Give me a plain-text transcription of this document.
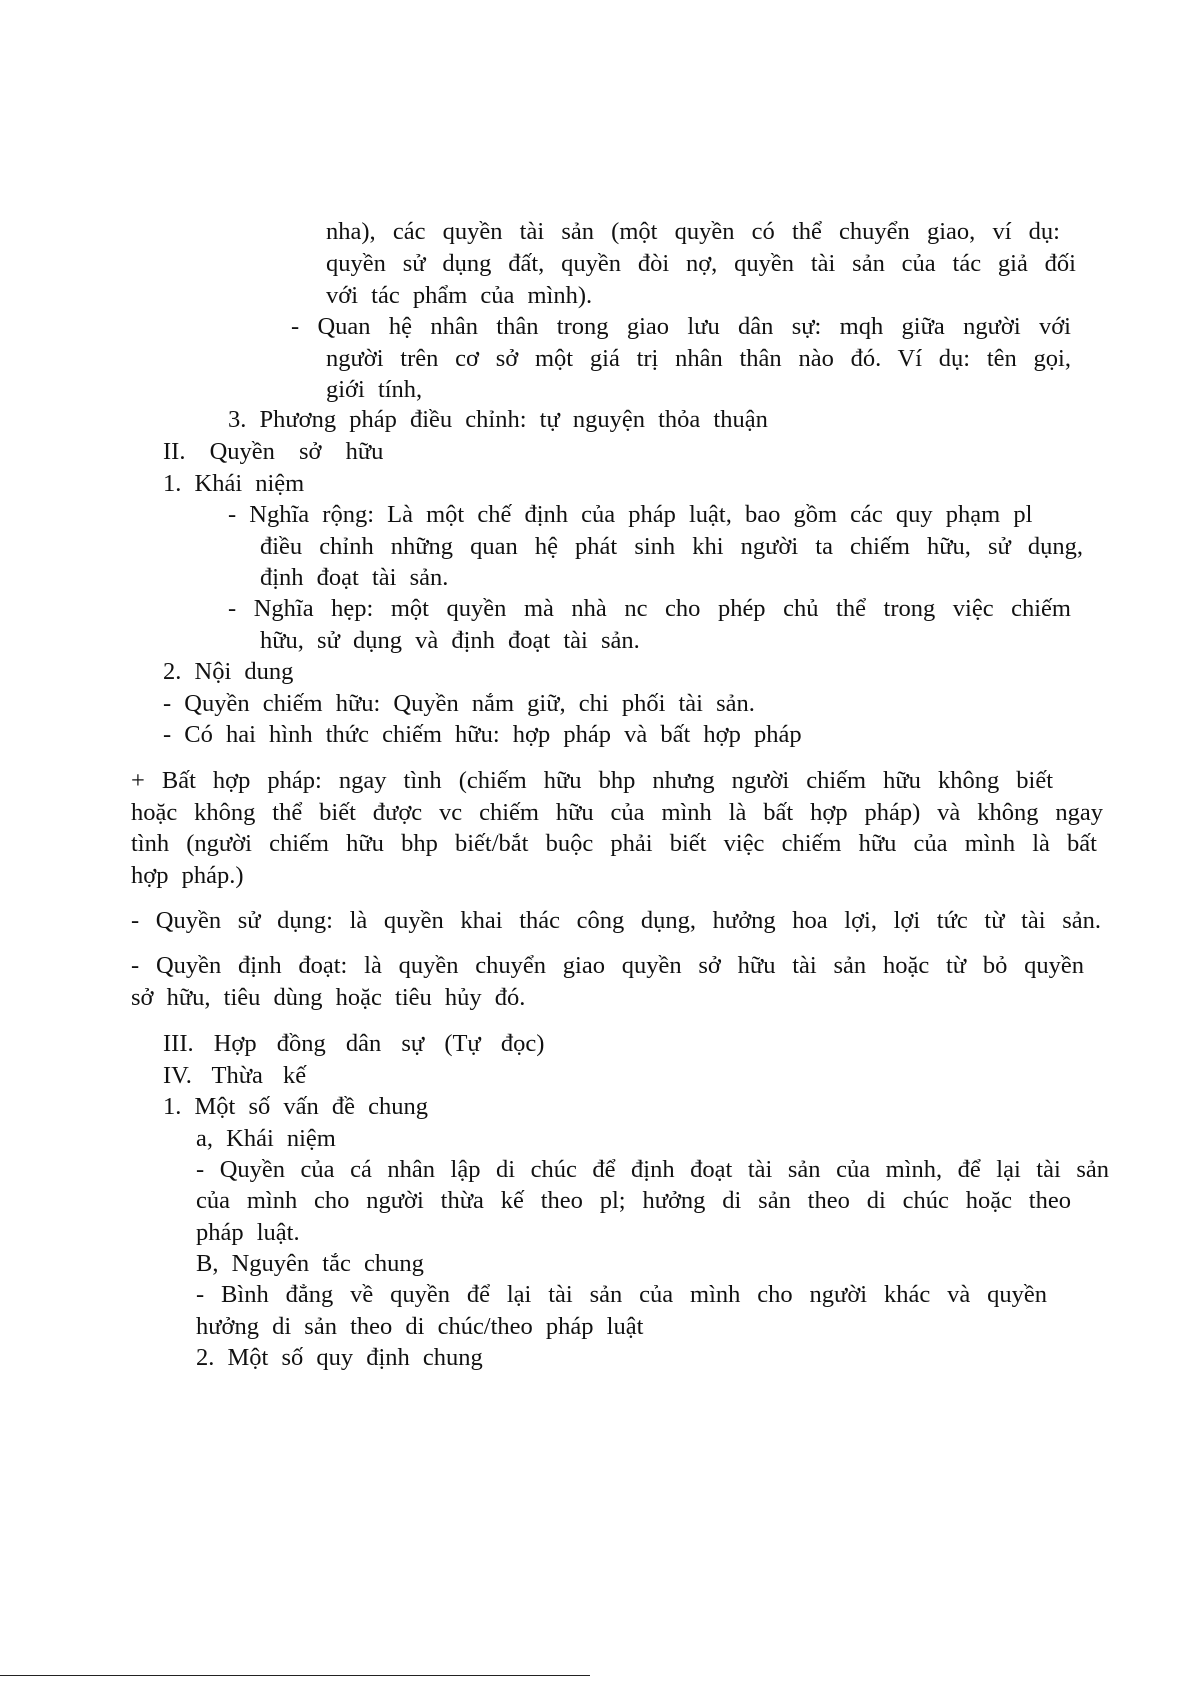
nha), các quyền tài sản (một quyền có thể chuyển giao, ví dụ:
quyền sử dụng đất, quyền đòi nợ, quyền tài sản của tác giả đối
với tác phẩm của mình).
- Quan hệ nhân thân trong giao lưu dân sự: mqh giữa người với
người trên cơ sở một giá trị nhân thân nào đó. Ví dụ: tên gọi,
giới tính,
3. Phương pháp điều chỉnh: tự nguyện thỏa thuận
II. Quyền sở hữu
1. Khái niệm
- Nghĩa rộng: Là một chế định của pháp luật, bao gồm các quy phạm pl
điều chỉnh những quan hệ phát sinh khi người ta chiếm hữu, sử dụng,
định đoạt tài sản.
- Nghĩa hẹp: một quyền mà nhà nc cho phép chủ thể trong việc chiếm
hữu, sử dụng và định đoạt tài sản.
2. Nội dung
- Quyền chiếm hữu: Quyền nắm giữ, chi phối tài sản.
- Có hai hình thức chiếm hữu: hợp pháp và bất hợp pháp
+ Bất hợp pháp: ngay tình (chiếm hữu bhp nhưng người chiếm hữu không biết
hoặc không thể biết được vc chiếm hữu của mình là bất hợp pháp) và không ngay
tình (người chiếm hữu bhp biết/bắt buộc phải biết việc chiếm hữu của mình là bất
hợp pháp.)
- Quyền sử dụng: là quyền khai thác công dụng, hưởng hoa lợi, lợi tức từ tài sản.
- Quyền định đoạt: là quyền chuyển giao quyền sở hữu tài sản hoặc từ bỏ quyền
sở hữu, tiêu dùng hoặc tiêu hủy đó.
III. Hợp đồng dân sự (Tự đọc)
IV. Thừa kế
1. Một số vấn đề chung
a, Khái niệm
- Quyền của cá nhân lập di chúc để định đoạt tài sản của mình, để lại tài sản
của mình cho người thừa kế theo pl; hưởng di sản theo di chúc hoặc theo
pháp luật.
B, Nguyên tắc chung
- Bình đẳng về quyền để lại tài sản của mình cho người khác và quyền
hưởng di sản theo di chúc/theo pháp luật
2. Một số quy định chung
